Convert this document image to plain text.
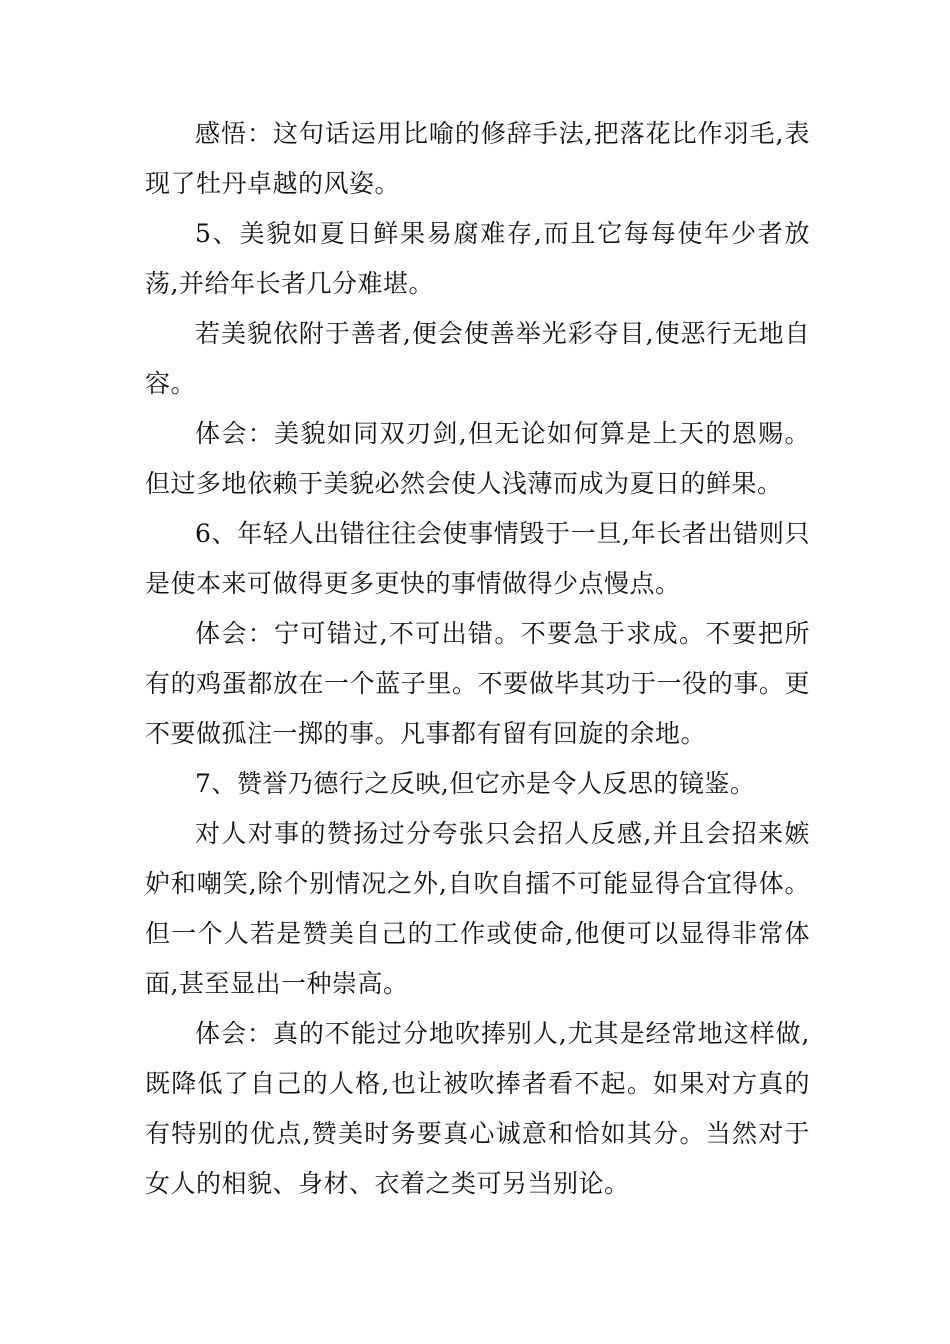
感悟：这句话运用比喻的修辞手法,把落花比作羽毛,表现了牡丹卓越的风姿。

5、美貌如夏日鲜果易腐难存,而且它每每使年少者放荡,并给年长者几分难堪。

若美貌依附于善者,便会使善举光彩夺目,使恶行无地自容。

体会：美貌如同双刃剑,但无论如何算是上天的恩赐。但过多地依赖于美貌必然会使人浅薄而成为夏日的鲜果。

6、年轻人出错往往会使事情毁于一旦,年长者出错则只是使本来可做得更多更快的事情做得少点慢点。

体会：宁可错过,不可出错。不要急于求成。不要把所有的鸡蛋都放在一个蓝子里。不要做毕其功于一役的事。更不要做孤注一掷的事。凡事都有留有回旋的余地。

7、赞誉乃德行之反映,但它亦是令人反思的镜鉴。

对人对事的赞扬过分夸张只会招人反感,并且会招来嫉妒和嘲笑,除个别情况之外,自吹自擂不可能显得合宜得体。但一个人若是赞美自己的工作或使命,他便可以显得非常体面,甚至显出一种崇高。

体会：真的不能过分地吹捧别人,尤其是经常地这样做,既降低了自己的人格,也让被吹捧者看不起。如果对方真的有特别的优点,赞美时务要真心诚意和恰如其分。当然对于女人的相貌、身材、衣着之类可另当别论。
